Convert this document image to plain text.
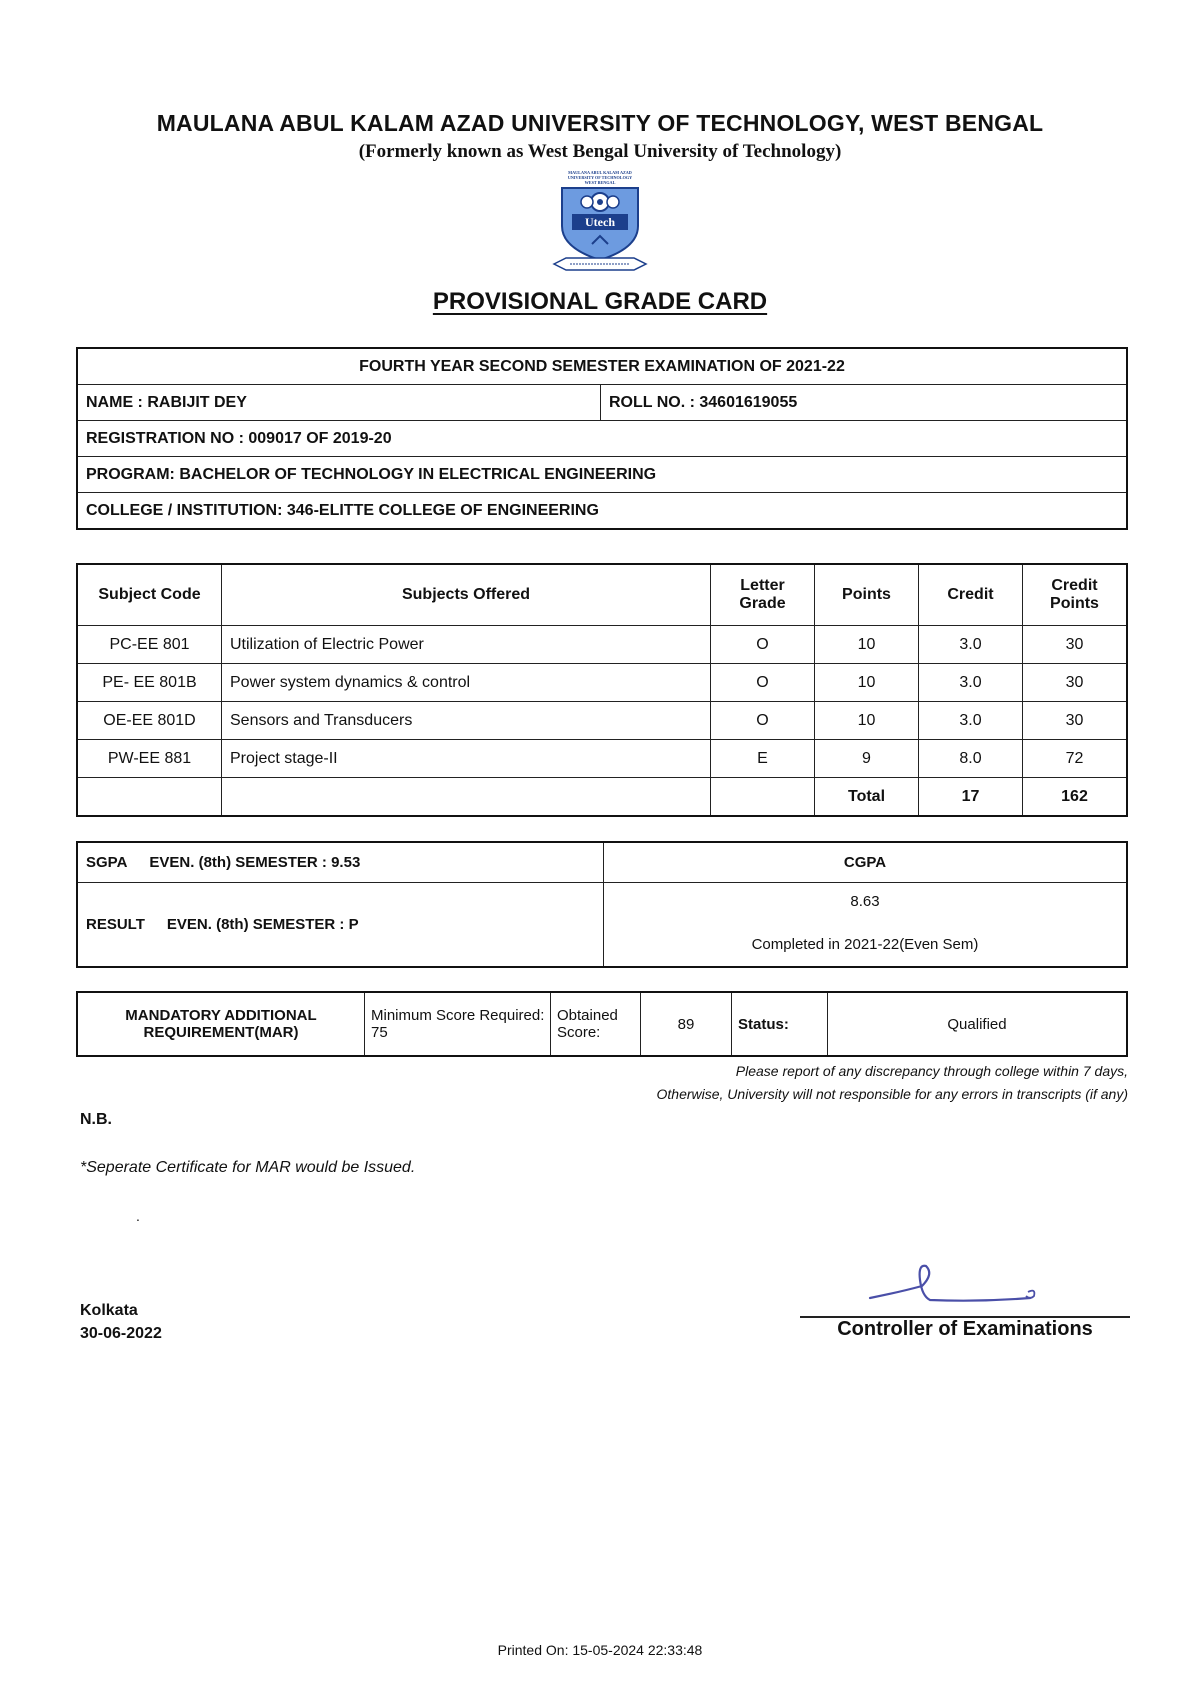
MAULANA ABUL KALAM AZAD UNIVERSITY OF TECHNOLOGY, WEST BENGAL
(Formerly known as West Bengal University of Technology)
MAULANA ABUL KALAM AZAD
UNIVERSITY OF TECHNOLOGY
WEST BENGAL
Utech
PROVISIONAL GRADE CARD
FOURTH YEAR SECOND SEMESTER EXAMINATION OF 2021-22
NAME : RABIJIT DEY	ROLL NO. : 34601619055
REGISTRATION NO : 009017 OF 2019-20
PROGRAM: BACHELOR OF TECHNOLOGY IN ELECTRICAL ENGINEERING
COLLEGE / INSTITUTION: 346-ELITTE COLLEGE OF ENGINEERING
Subject Code	Subjects Offered	Letter Grade	Points	Credit	Credit Points
PC-EE 801	Utilization of Electric Power	O	10	3.0	30
PE- EE 801B	Power system dynamics & control	O	10	3.0	30
OE-EE 801D	Sensors and Transducers	O	10	3.0	30
PW-EE 881	Project stage-II	E	9	8.0	72
			Total	17	162
SGPA EVEN. (8th) SEMESTER : 9.53	CGPA
RESULT EVEN. (8th) SEMESTER : P	8.63
Completed in 2021-22(Even Sem)
MANDATORY ADDITIONAL REQUIREMENT(MAR)	Minimum Score Required: 75	Obtained Score:	89	Status:	Qualified
Please report of any discrepancy through college within 7 days,
Otherwise, University will not responsible for any errors in transcripts (if any)
N.B.
*Seperate Certificate for MAR would be Issued.
.
Kolkata
30-06-2022	Controller of Examinations
Printed On: 15-05-2024 22:33:48
